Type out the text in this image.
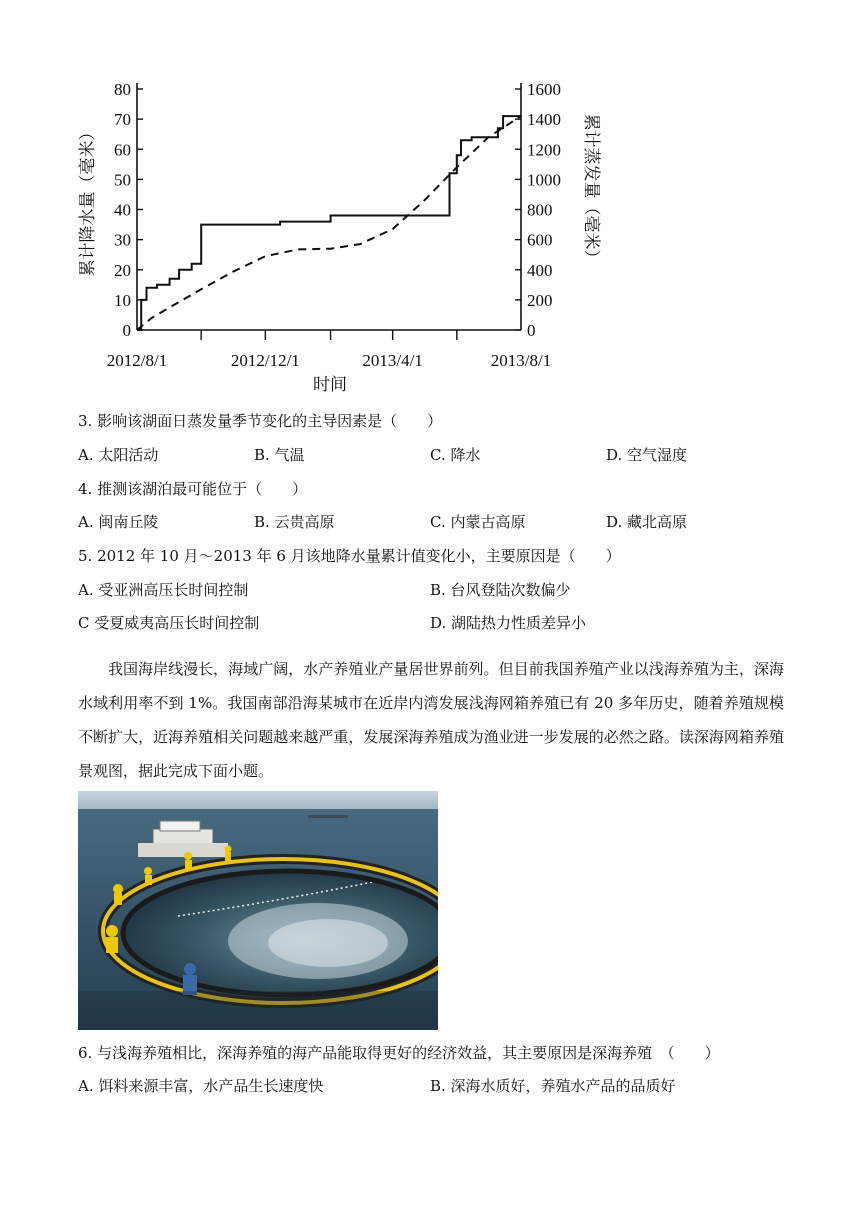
0
10
20
30
40
50
60
70
80
0
200
400
600
800
1000
1200
1400
1600
2012/8/1	2012/12/1	2013/4/1	2013/8/1
时间
累计降水量（毫米）	累计蒸发量（毫米）
3. 影响该湖面日蒸发量季节变化的主导因素是（　　）
A. 太阳活动	B. 气温	C. 降水	D. 空气湿度
4. 推测该湖泊最可能位于（　　）
A. 闽南丘陵	B. 云贵高原	C. 内蒙古高原	D. 藏北高原
5. 2012 年 10 月～2013 年 6 月该地降水量累计值变化小，主要原因是（　　）
A. 受亚洲高压长时间控制	B. 台风登陆次数偏少
C 受夏威夷高压长时间控制	D. 湖陆热力性质差异小
我国海岸线漫长，海域广阔，水产养殖业产量居世界前列。但目前我国养殖产业以浅海养殖为主，深海水域利用率不到 1%。我国南部沿海某城市在近岸内湾发展浅海网箱养殖已有 20 多年历史，随着养殖规模不断扩大，近海养殖相关问题越来越严重，发展深海养殖成为渔业进一步发展的必然之路。读深海网箱养殖景观图，据此完成下面小题。
6. 与浅海养殖相比，深海养殖的海产品能取得更好的经济效益，其主要原因是深海养殖　（　　）
A. 饵料来源丰富，水产品生长速度快	B. 深海水质好，养殖水产品的品质好
